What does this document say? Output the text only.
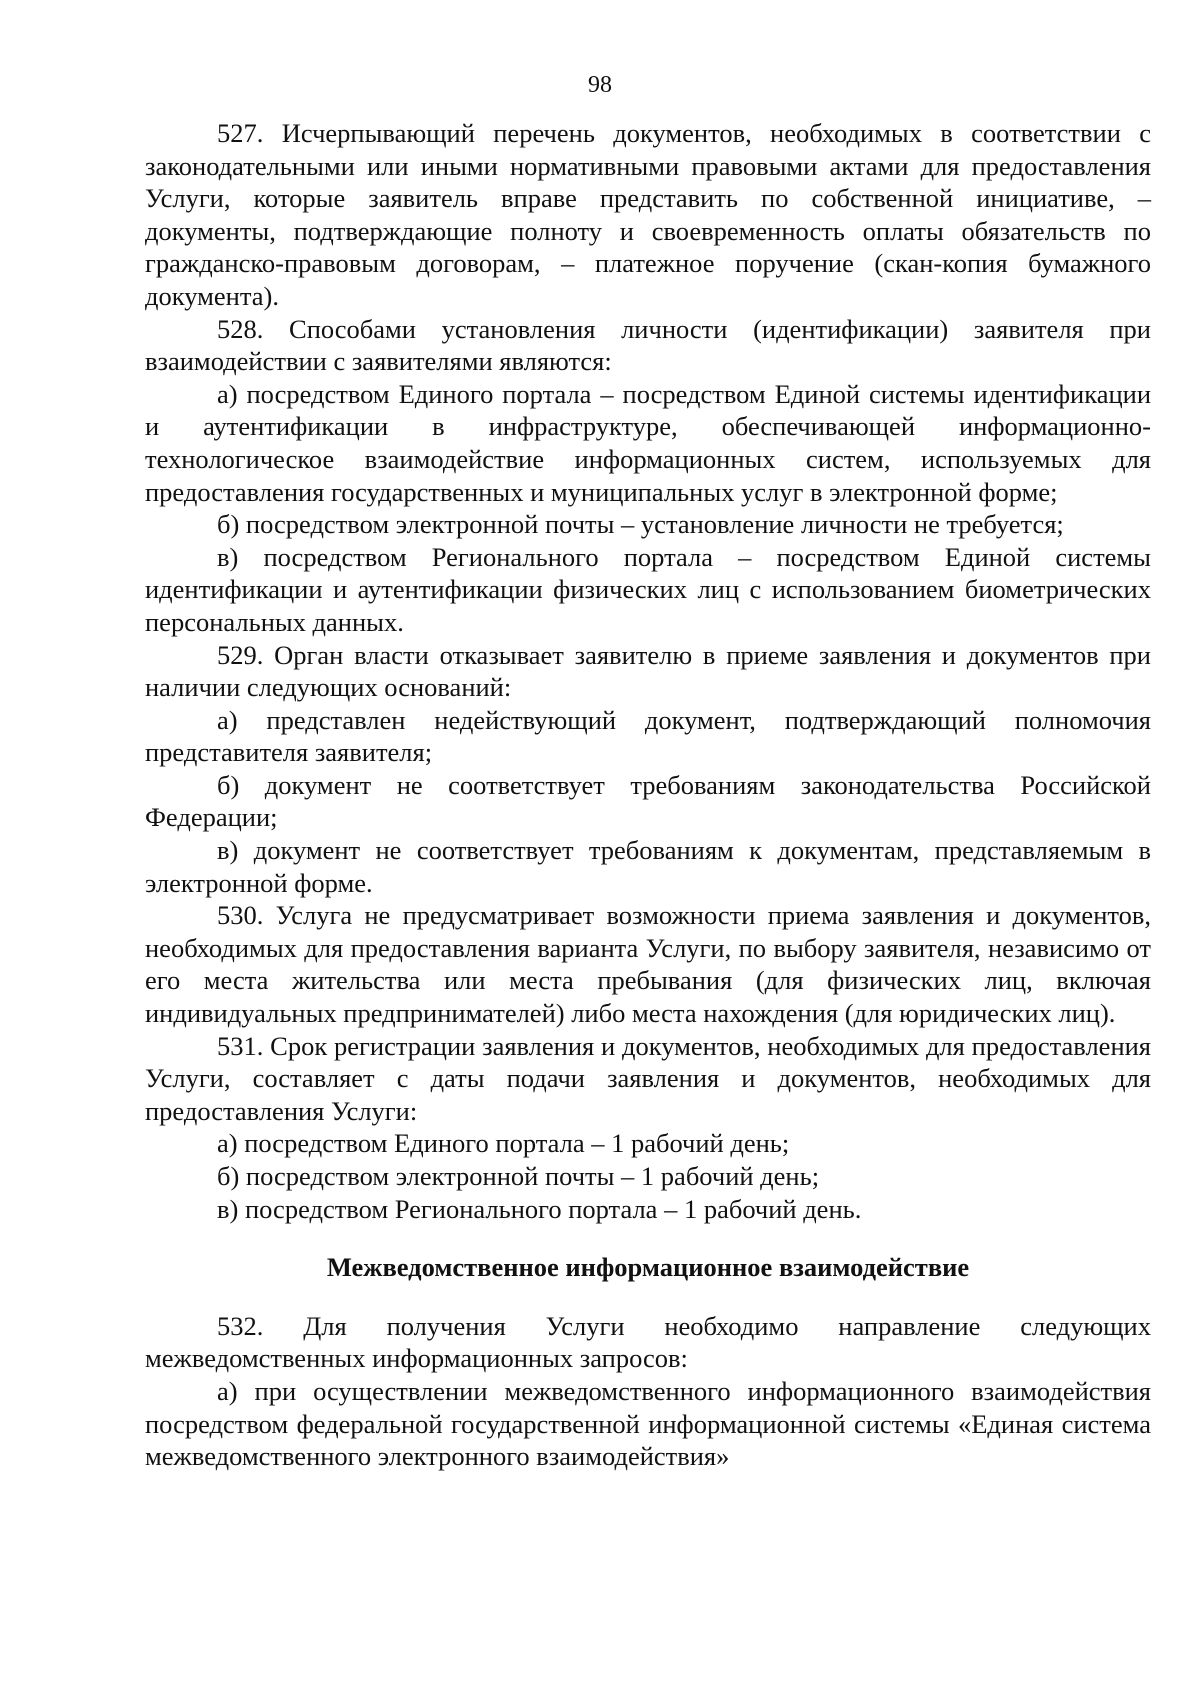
98

527. Исчерпывающий перечень документов, необходимых в соответствии с законодательными или иными нормативными правовыми актами для предоставления Услуги, которые заявитель вправе представить по собственной инициативе, – документы, подтверждающие полноту и своевременность оплаты обязательств по гражданско-правовым договорам, – платежное поручение (скан-копия бумажного документа).

528. Способами установления личности (идентификации) заявителя при взаимодействии с заявителями являются:

а) посредством Единого портала – посредством Единой системы идентификации и аутентификации в инфраструктуре, обеспечивающей информационно-технологическое взаимодействие информационных систем, используемых для предоставления государственных и муниципальных услуг в электронной форме;

б) посредством электронной почты – установление личности не требуется;

в) посредством Регионального портала – посредством Единой системы идентификации и аутентификации физических лиц с использованием биометрических персональных данных.

529. Орган власти отказывает заявителю в приеме заявления и документов при наличии следующих оснований:

а) представлен недействующий документ, подтверждающий полномочия представителя заявителя;

б) документ не соответствует требованиям законодательства Российской Федерации;

в) документ не соответствует требованиям к документам, представляемым в электронной форме.

530. Услуга не предусматривает возможности приема заявления и документов, необходимых для предоставления варианта Услуги, по выбору заявителя, независимо от его места жительства или места пребывания (для физических лиц, включая индивидуальных предпринимателей) либо места нахождения (для юридических лиц).

531. Срок регистрации заявления и документов, необходимых для предоставления Услуги, составляет с даты подачи заявления и документов, необходимых для предоставления Услуги:

а) посредством Единого портала – 1 рабочий день;

б) посредством электронной почты – 1 рабочий день;

в) посредством Регионального портала – 1 рабочий день.

Межведомственное информационное взаимодействие

532. Для получения Услуги необходимо направление следующих межведомственных информационных запросов:

а) при осуществлении межведомственного информационного взаимодействия посредством федеральной государственной информационной системы «Единая система межведомственного электронного взаимодействия»
